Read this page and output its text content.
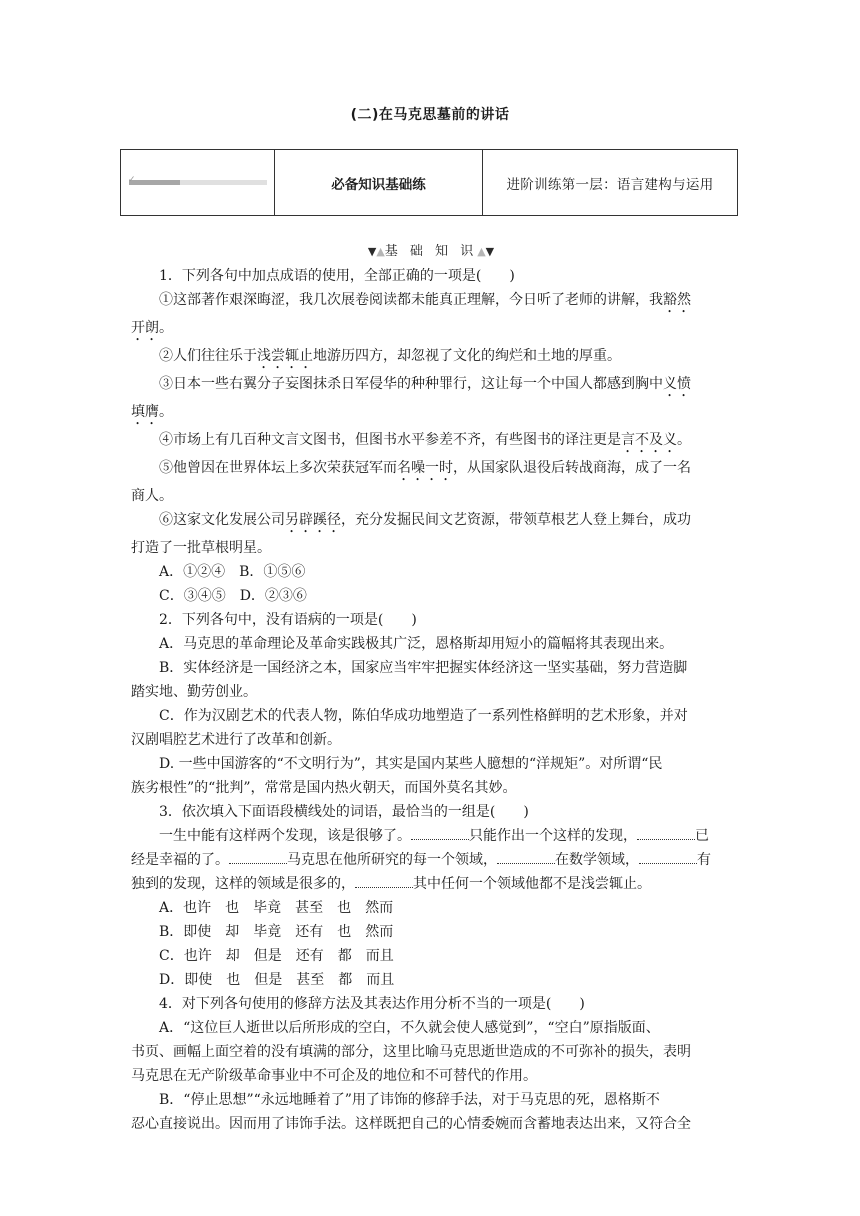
(二)在马克思墓前的讲话
✓	必备知识基础练	进阶训练第一层：语言建构与运用
▼▲基 础 知 识▲▼

1．下列各句中加点成语的使用，全部正确的一项是(　　)

①这部著作艰深晦涩，我几次展卷阅读都未能真正理解，今日听了老师的讲解，我豁然

开朗。

②人们往往乐于浅尝辄止地游历四方，却忽视了文化的绚烂和土地的厚重。

③日本一些右翼分子妄图抹杀日军侵华的种种罪行，这让每一个中国人都感到胸中义愤

填膺。

④市场上有几百种文言文图书，但图书水平参差不齐，有些图书的译注更是言不及义。

⑤他曾因在世界体坛上多次荣获冠军而名噪一时，从国家队退役后转战商海，成了一名

商人。

⑥这家文化发展公司另辟蹊径，充分发掘民间文艺资源，带领草根艺人登上舞台，成功

打造了一批草根明星。

A．①②④　B．①⑤⑥

C．③④⑤　D．②③⑥

2．下列各句中，没有语病的一项是(　　)

A．马克思的革命理论及革命实践极其广泛，恩格斯却用短小的篇幅将其表现出来。

B．实体经济是一国经济之本，国家应当牢牢把握实体经济这一坚实基础，努力营造脚

踏实地、勤劳创业。

C．作为汉剧艺术的代表人物，陈伯华成功地塑造了一系列性格鲜明的艺术形象，并对

汉剧唱腔艺术进行了改革和创新。

D. 一些中国游客的“不文明行为”，其实是国内某些人臆想的“洋规矩”。对所谓“民

族劣根性”的“批判”，常常是国内热火朝天，而国外莫名其妙。

3．依次填入下面语段横线处的词语，最恰当的一组是(　　)

一生中能有这样两个发现，该是很够了。	只能作出一个这样的发现，	已

经是幸福的了。	马克思在他所研究的每一个领域，	在数学领域，	有

独到的发现，这样的领域是很多的，	其中任何一个领域他都不是浅尝辄止。

A．也许　也　毕竟　甚至　也　然而

B．即使　却　毕竟　还有　也　然而

C．也许　却　但是　还有　都　而且

D．即使　也　但是　甚至　都　而且

4．对下列各句使用的修辞方法及其表达作用分析不当的一项是(　　)

A．“这位巨人逝世以后所形成的空白，不久就会使人感觉到”，“空白”原指版面、

书页、画幅上面空着的没有填满的部分，这里比喻马克思逝世造成的不可弥补的损失，表明

马克思在无产阶级革命事业中不可企及的地位和不可替代的作用。

B．“停止思想”“永远地睡着了”用了讳饰的修辞手法，对于马克思的死，恩格斯不

忍心直接说出。因而用了讳饰手法。这样既把自己的心情委婉而含蓄地表达出来，又符合全
